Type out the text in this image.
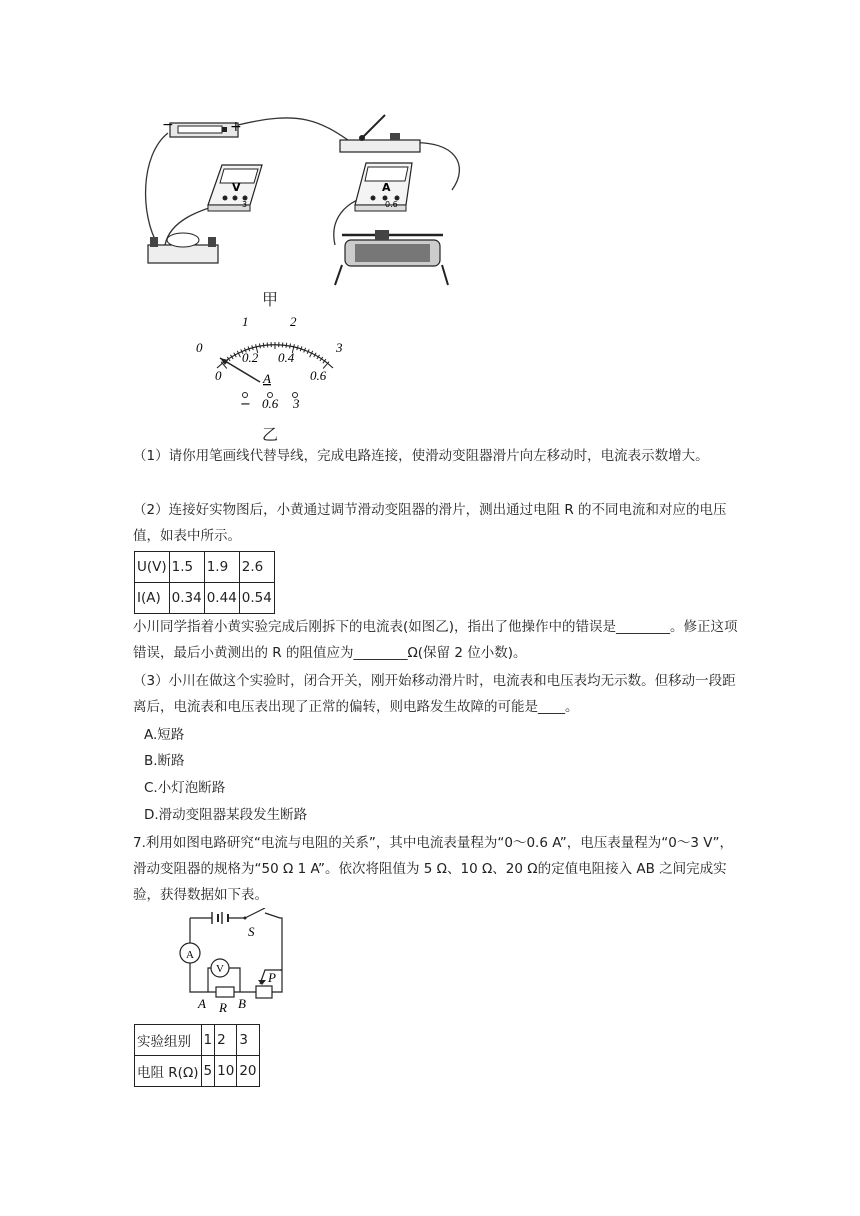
−	+
V
3
A
0.6
甲
0
1	2
3
0
0.2 0.4
0.6
A
− 0.6 3
乙
（1）请你用笔画线代替导线，完成电路连接，使滑动变阻器滑片向左移动时，电流表示数增大。
（2）连接好实物图后，小黄通过调节滑动变阻器的滑片，测出通过电阻 R 的不同电流和对应的电压值，如表中所示。
U(V)	1.5	1.9	2.6
I(A)	0.34	0.44	0.54
小川同学指着小黄实验完成后刚拆下的电流表(如图乙)，指出了他操作中的错误是________。修正这项错误，最后小黄测出的 R 的阻值应为________Ω(保留 2 位小数)。
（3）小川在做这个实验时，闭合开关，刚开始移动滑片时，电流表和电压表均无示数。但移动一段距离后，电流表和电压表出现了正常的偏转，则电路发生故障的可能是____。
A.短路
B.断路
C.小灯泡断路
D.滑动变阻器某段发生断路
7.利用如图电路研究“电流与电阻的关系”，其中电流表量程为“0～0.6 A”，电压表量程为“0～3 V”，滑动变阻器的规格为“50 Ω 1 A”。依次将阻值为 5 Ω、10 Ω、20 Ω的定值电阻接入 AB 之间完成实验，获得数据如下表。
A
V
S
P
A R B
实验组别	1	2	3
电阻 R(Ω)	5	10	20
